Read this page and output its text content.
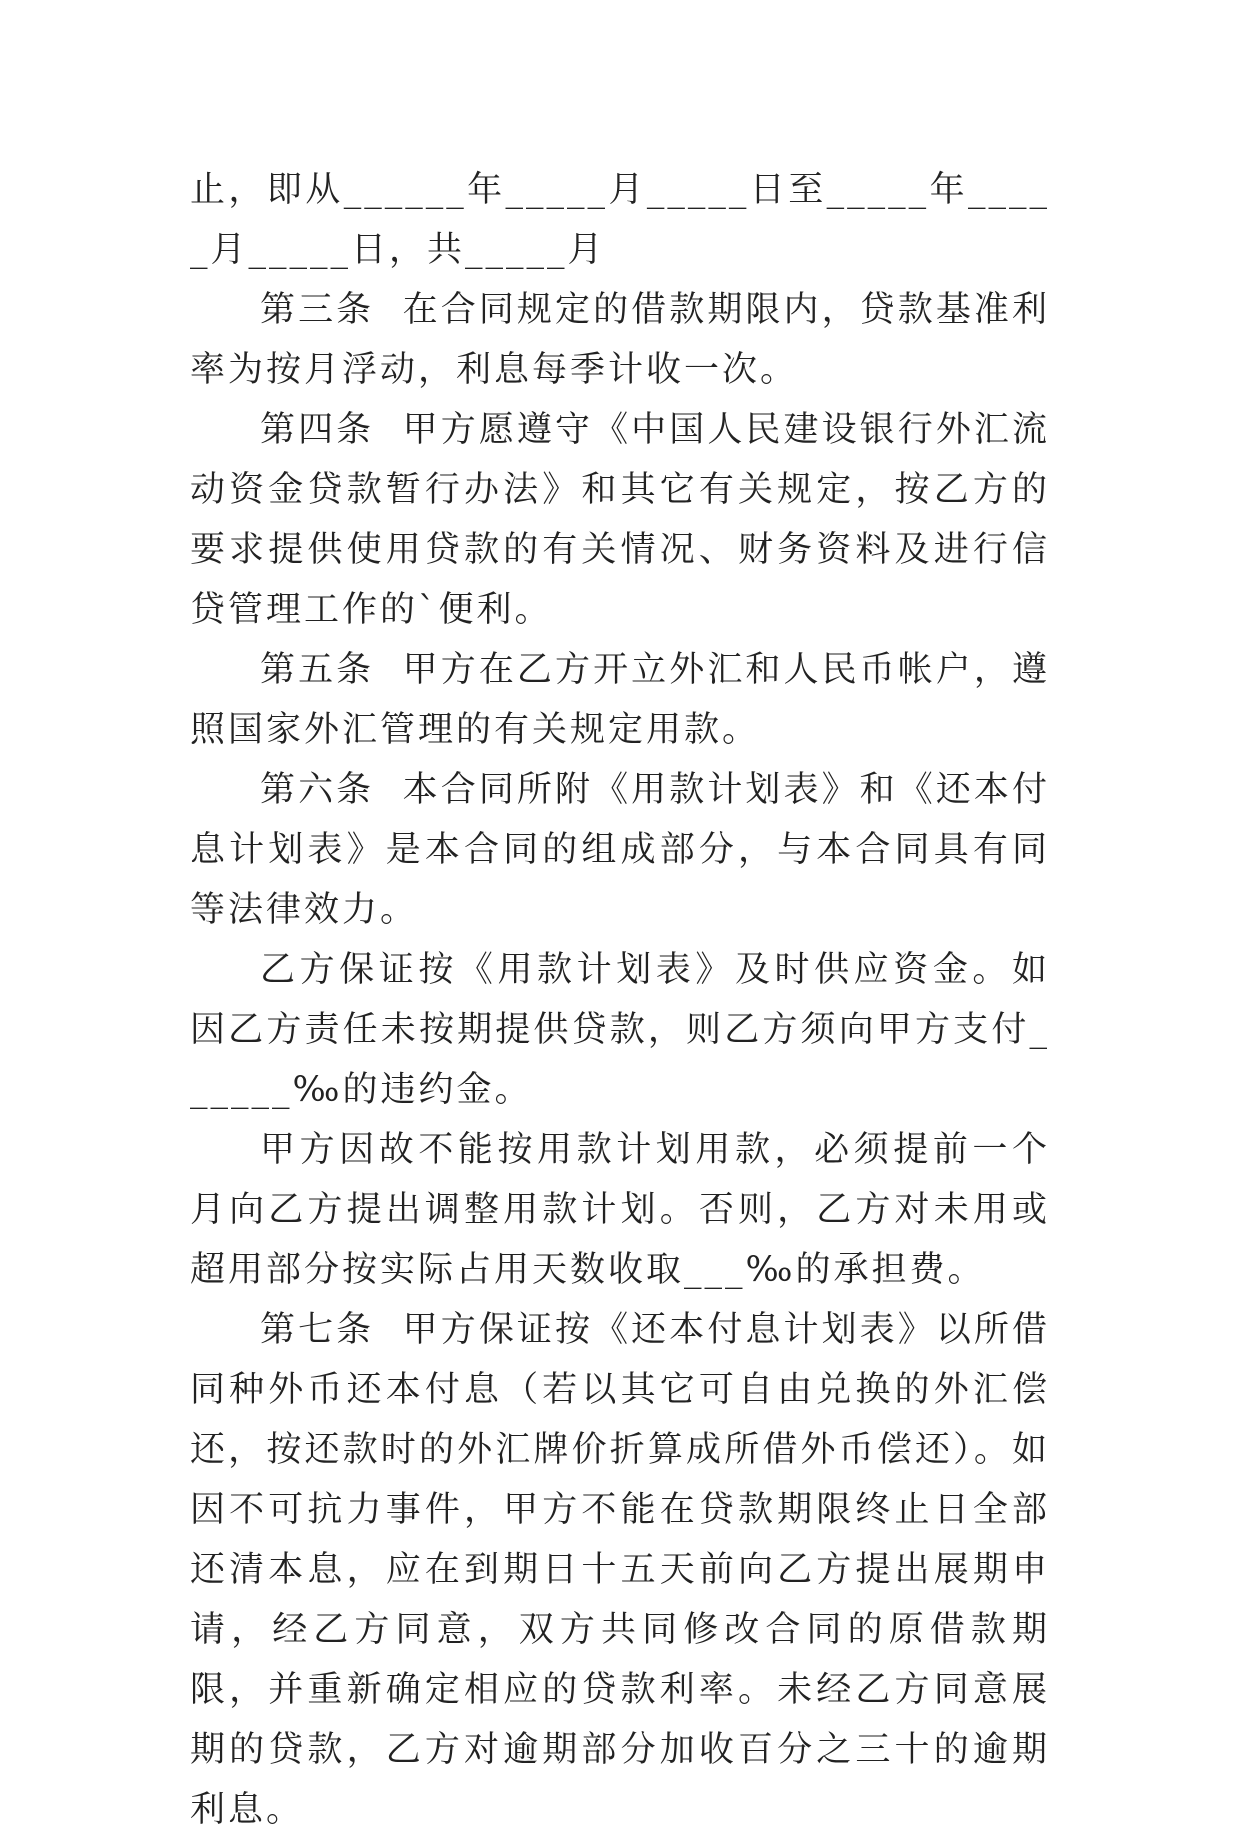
止，即从______年_____月_____日至_____年_____月_____日，共_____月

第三条  在合同规定的借款期限内，贷款基准利率为按月浮动，利息每季计收一次。

第四条  甲方愿遵守《中国人民建设银行外汇流动资金贷款暂行办法》和其它有关规定，按乙方的要求提供使用贷款的有关情况、财务资料及进行信贷管理工作的`便利。

第五条  甲方在乙方开立外汇和人民币帐户，遵照国家外汇管理的有关规定用款。

第六条  本合同所附《用款计划表》和《还本付息计划表》是本合同的组成部分，与本合同具有同等法律效力。

乙方保证按《用款计划表》及时供应资金。如因乙方责任未按期提供贷款，则乙方须向甲方支付______‰的违约金。

甲方因故不能按用款计划用款，必须提前一个月向乙方提出调整用款计划。否则，乙方对未用或超用部分按实际占用天数收取___‰的承担费。

第七条  甲方保证按《还本付息计划表》以所借同种外币还本付息（若以其它可自由兑换的外汇偿还，按还款时的外汇牌价折算成所借外币偿还）。如因不可抗力事件，甲方不能在贷款期限终止日全部还清本息，应在到期日十五天前向乙方提出展期申请，经乙方同意，双方共同修改合同的原借款期限，并重新确定相应的贷款利率。未经乙方同意展期的贷款，乙方对逾期部分加收百分之三十的逾期利息。
